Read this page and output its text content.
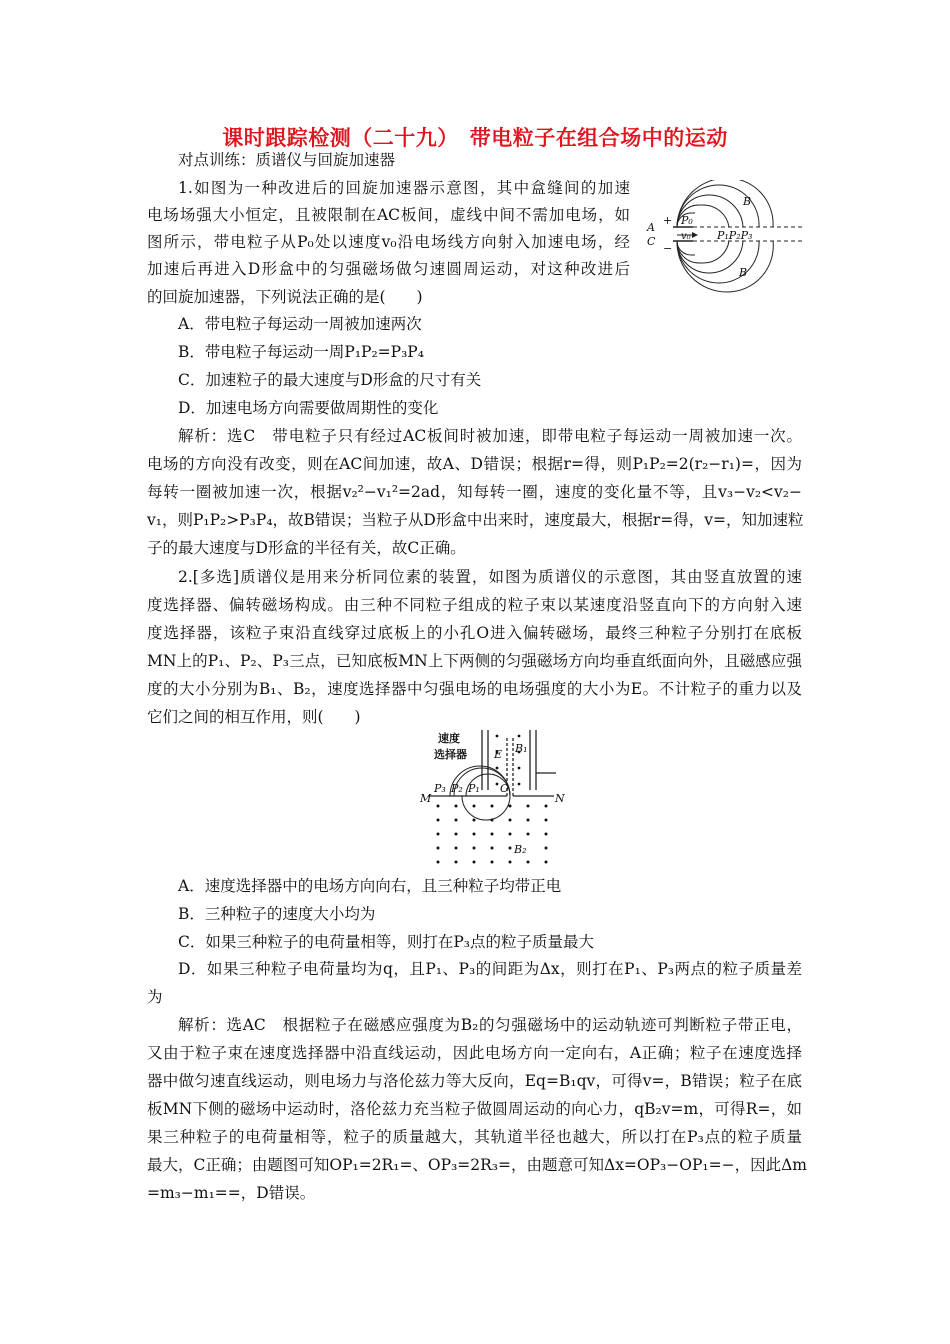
课时跟踪检测（二十九）　带电粒子在组合场中的运动
对点训练：质谱仪与回旋加速器
1.如图为一种改进后的回旋加速器示意图，其中盒缝间的加速
电场场强大小恒定，且被限制在AC板间，虚线中间不需加电场，如
图所示，带电粒子从P₀处以速度v₀沿电场线方向射入加速电场，经
加速后再进入D形盒中的匀强磁场做匀速圆周运动，对这种改进后
的回旋加速器，下列说法正确的是(　　)
A．带电粒子每运动一周被加速两次
B．带电粒子每运动一周P₁P₂=P₃P₄
C．加速粒子的最大速度与D形盒的尺寸有关
D．加速电场方向需要做周期性的变化
解析：选C　带电粒子只有经过AC板间时被加速，即带电粒子每运动一周被加速一次。
电场的方向没有改变，则在AC间加速，故A、D错误；根据r=得，则P₁P₂=2(r₂−r₁)=，因为
每转一圈被加速一次，根据v₂²−v₁²=2ad，知每转一圈，速度的变化量不等，且v₃−v₂<v₂−
v₁，则P₁P₂>P₃P₄，故B错误；当粒子从D形盒中出来时，速度最大，根据r=得，v=，知加速粒
子的最大速度与D形盒的半径有关，故C正确。
A
C
B
B
P₀
v₀ P₁P₂P₃
+
−
2.[多选]质谱仪是用来分析同位素的装置，如图为质谱仪的示意图，其由竖直放置的速
度选择器、偏转磁场构成。由三种不同粒子组成的粒子束以某速度沿竖直向下的方向射入速
度选择器，该粒子束沿直线穿过底板上的小孔O进入偏转磁场，最终三种粒子分别打在底板
MN上的P₁、P₂、P₃三点，已知底板MN上下两侧的匀强磁场方向均垂直纸面向外，且磁感应强
度的大小分别为B₁、B₂，速度选择器中匀强电场的电场强度的大小为E。不计粒子的重力以及
它们之间的相互作用，则(　　)
速度
选择器 E B₁
B₂
M	N
O
P₃ P₂ P₁
A．速度选择器中的电场方向向右，且三种粒子均带正电
B．三种粒子的速度大小均为
C．如果三种粒子的电荷量相等，则打在P₃点的粒子质量最大
D．如果三种粒子电荷量均为q，且P₁、P₃的间距为Δx，则打在P₁、P₃两点的粒子质量差
为
解析：选AC　根据粒子在磁感应强度为B₂的匀强磁场中的运动轨迹可判断粒子带正电，
又由于粒子束在速度选择器中沿直线运动，因此电场方向一定向右，A正确；粒子在速度选择
器中做匀速直线运动，则电场力与洛伦兹力等大反向，Eq=B₁qv，可得v=，B错误；粒子在底
板MN下侧的磁场中运动时，洛伦兹力充当粒子做圆周运动的向心力，qB₂v=m，可得R=，如
果三种粒子的电荷量相等，粒子的质量越大，其轨道半径也越大，所以打在P₃点的粒子质量
最大，C正确；由题图可知OP₁=2R₁=、OP₃=2R₃=，由题意可知Δx=OP₃−OP₁=−，因此Δm
=m₃−m₁==，D错误。
